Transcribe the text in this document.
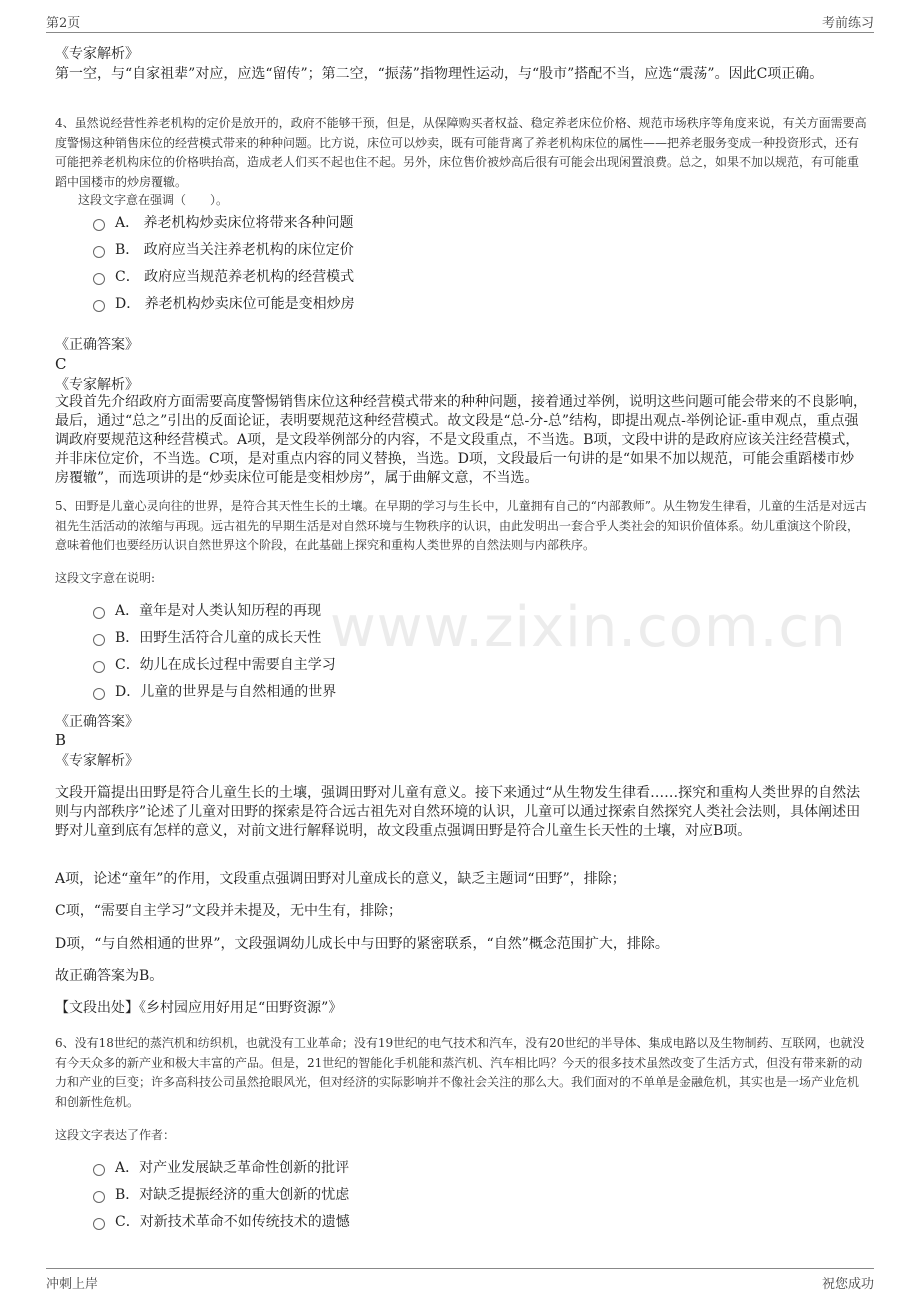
第2页	考前练习
www.zixin.com.cn
《专家解析》
第一空，与“自家祖辈”对应，应选“留传”；第二空，“振荡”指物理性运动，与“股市”搭配不当，应选“震荡”。因此C项正确。
4、虽然说经营性养老机构的定价是放开的，政府不能够干预，但是，从保障购买者权益、稳定养老床位价格、规范市场秩序等角度来说，有关方面需要高度警惕这种销售床位的经营模式带来的种种问题。比方说，床位可以炒卖，既有可能背离了养老机构床位的属性——把养老服务变成一种投资形式，还有可能把养老机构床位的价格哄抬高，造成老人们买不起也住不起。另外，床位售价被炒高后很有可能会出现闲置浪费。总之，如果不加以规范，有可能重蹈中国楼市的炒房覆辙。
这段文字意在强调（　　）。
A． 养老机构炒卖床位将带来各种问题
B． 政府应当关注养老机构的床位定价
C． 政府应当规范养老机构的经营模式
D． 养老机构炒卖床位可能是变相炒房
《正确答案》
C
《专家解析》
文段首先介绍政府方面需要高度警惕销售床位这种经营模式带来的种种问题，接着通过举例，说明这些问题可能会带来的不良影响，最后，通过“总之”引出的反面论证，表明要规范这种经营模式。故文段是“总-分-总”结构，即提出观点-举例论证-重申观点，重点强调政府要规范这种经营模式。A项，是文段举例部分的内容，不是文段重点，不当选。B项，文段中讲的是政府应该关注经营模式，并非床位定价，不当选。C项，是对重点内容的同义替换，当选。D项，文段最后一句讲的是“如果不加以规范，可能会重蹈楼市炒房覆辙”，而选项讲的是“炒卖床位可能是变相炒房”，属于曲解文意，不当选。
5、田野是儿童心灵向往的世界，是符合其天性生长的土壤。在早期的学习与生长中，儿童拥有自己的“内部教师”。从生物发生律看，儿童的生活是对远古祖先生活活动的浓缩与再现。远古祖先的早期生活是对自然环境与生物秩序的认识，由此发明出一套合乎人类社会的知识价值体系。幼儿重演这个阶段，意味着他们也要经历认识自然世界这个阶段，在此基础上探究和重构人类世界的自然法则与内部秩序。
这段文字意在说明:
A．童年是对人类认知历程的再现
B．田野生活符合儿童的成长天性
C．幼儿在成长过程中需要自主学习
D．儿童的世界是与自然相通的世界
《正确答案》
B
《专家解析》
文段开篇提出田野是符合儿童生长的土壤，强调田野对儿童有意义。接下来通过“从生物发生律看……探究和重构人类世界的自然法则与内部秩序”论述了儿童对田野的探索是符合远古祖先对自然环境的认识，儿童可以通过探索自然探究人类社会法则，具体阐述田野对儿童到底有怎样的意义，对前文进行解释说明，故文段重点强调田野是符合儿童生长天性的土壤，对应B项。
A项，论述“童年”的作用，文段重点强调田野对儿童成长的意义，缺乏主题词“田野”，排除；
C项，“需要自主学习”文段并未提及，无中生有，排除；
D项，“与自然相通的世界”，文段强调幼儿成长中与田野的紧密联系，“自然”概念范围扩大，排除。
故正确答案为B。
【文段出处】《乡村园应用好用足“田野资源”》
6、没有18世纪的蒸汽机和纺织机，也就没有工业革命；没有19世纪的电气技术和汽车，没有20世纪的半导体、集成电路以及生物制药、互联网，也就没有今天众多的新产业和极大丰富的产品。但是，21世纪的智能化手机能和蒸汽机、汽车相比吗？今天的很多技术虽然改变了生活方式，但没有带来新的动力和产业的巨变；许多高科技公司虽然抢眼风光，但对经济的实际影响并不像社会关注的那么大。我们面对的不单单是金融危机，其实也是一场产业危机和创新性危机。
这段文字表达了作者：
A．对产业发展缺乏革命性创新的批评
B．对缺乏提振经济的重大创新的忧虑
C．对新技术革命不如传统技术的遗憾
冲刺上岸	祝您成功
